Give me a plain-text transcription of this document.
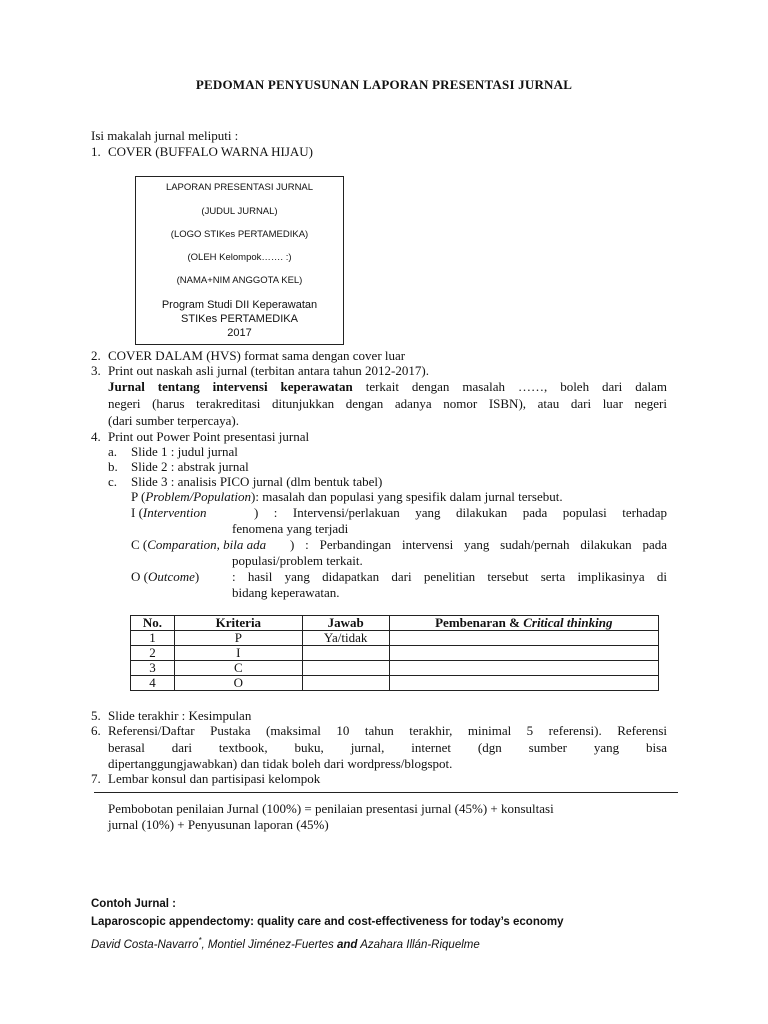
PEDOMAN PENYUSUNAN LAPORAN PRESENTASI JURNAL
Isi makalah jurnal meliputi :
1. COVER (BUFFALO WARNA HIJAU)
LAPORAN PRESENTASI JURNAL
(JUDUL JURNAL)
(LOGO STIKes PERTAMEDIKA)
(OLEH Kelompok……. :)
(NAMA+NIM ANGGOTA KEL)
Program Studi DII Keperawatan
STIKes PERTAMEDIKA
2017
2. COVER DALAM (HVS) format sama dengan cover luar
3. Print out naskah asli jurnal (terbitan antara tahun 2012-2017).
Jurnal tentang intervensi keperawatan terkait dengan masalah ……, boleh dari dalam
negeri (harus terakreditasi ditunjukkan dengan adanya nomor ISBN), atau dari luar negeri
(dari sumber terpercaya).
4. Print out Power Point presentasi jurnal
a. Slide 1 : judul jurnal
b. Slide 2 : abstrak jurnal
c. Slide 3 : analisis PICO jurnal (dlm bentuk tabel)
P (Problem/Population): masalah dan populasi yang spesifik dalam jurnal tersebut.
I (Intervention	) : Intervensi/perlakuan yang dilakukan pada populasi terhadap
fenomena yang terjadi
C (Comparation, bila ada ) : Perbandingan intervensi yang sudah/pernah dilakukan pada
populasi/problem terkait.
O (Outcome)	: hasil yang didapatkan dari penelitian tersebut serta implikasinya di
bidang keperawatan.
No.	Kriteria	Jawab	Pembenaran & Critical thinking
1	P	Ya/tidak	
2	I		
3	C		
4	O		
5. Slide terakhir : Kesimpulan
6. Referensi/Daftar Pustaka (maksimal 10 tahun terakhir, minimal 5 referensi). Referensi
berasal dari textbook, buku, jurnal, internet (dgn sumber yang bisa
dipertanggungjawabkan) dan tidak boleh dari wordpress/blogspot.
7. Lembar konsul dan partisipasi kelompok
Pembobotan penilaian Jurnal (100%) = penilaian presentasi jurnal (45%) + konsultasi
jurnal (10%) + Penyusunan laporan (45%)
Contoh Jurnal :
Laparoscopic appendectomy: quality care and cost-effectiveness for today’s economy
David Costa-Navarro*, Montiel Jiménez-Fuertes and Azahara Illán-Riquelme
